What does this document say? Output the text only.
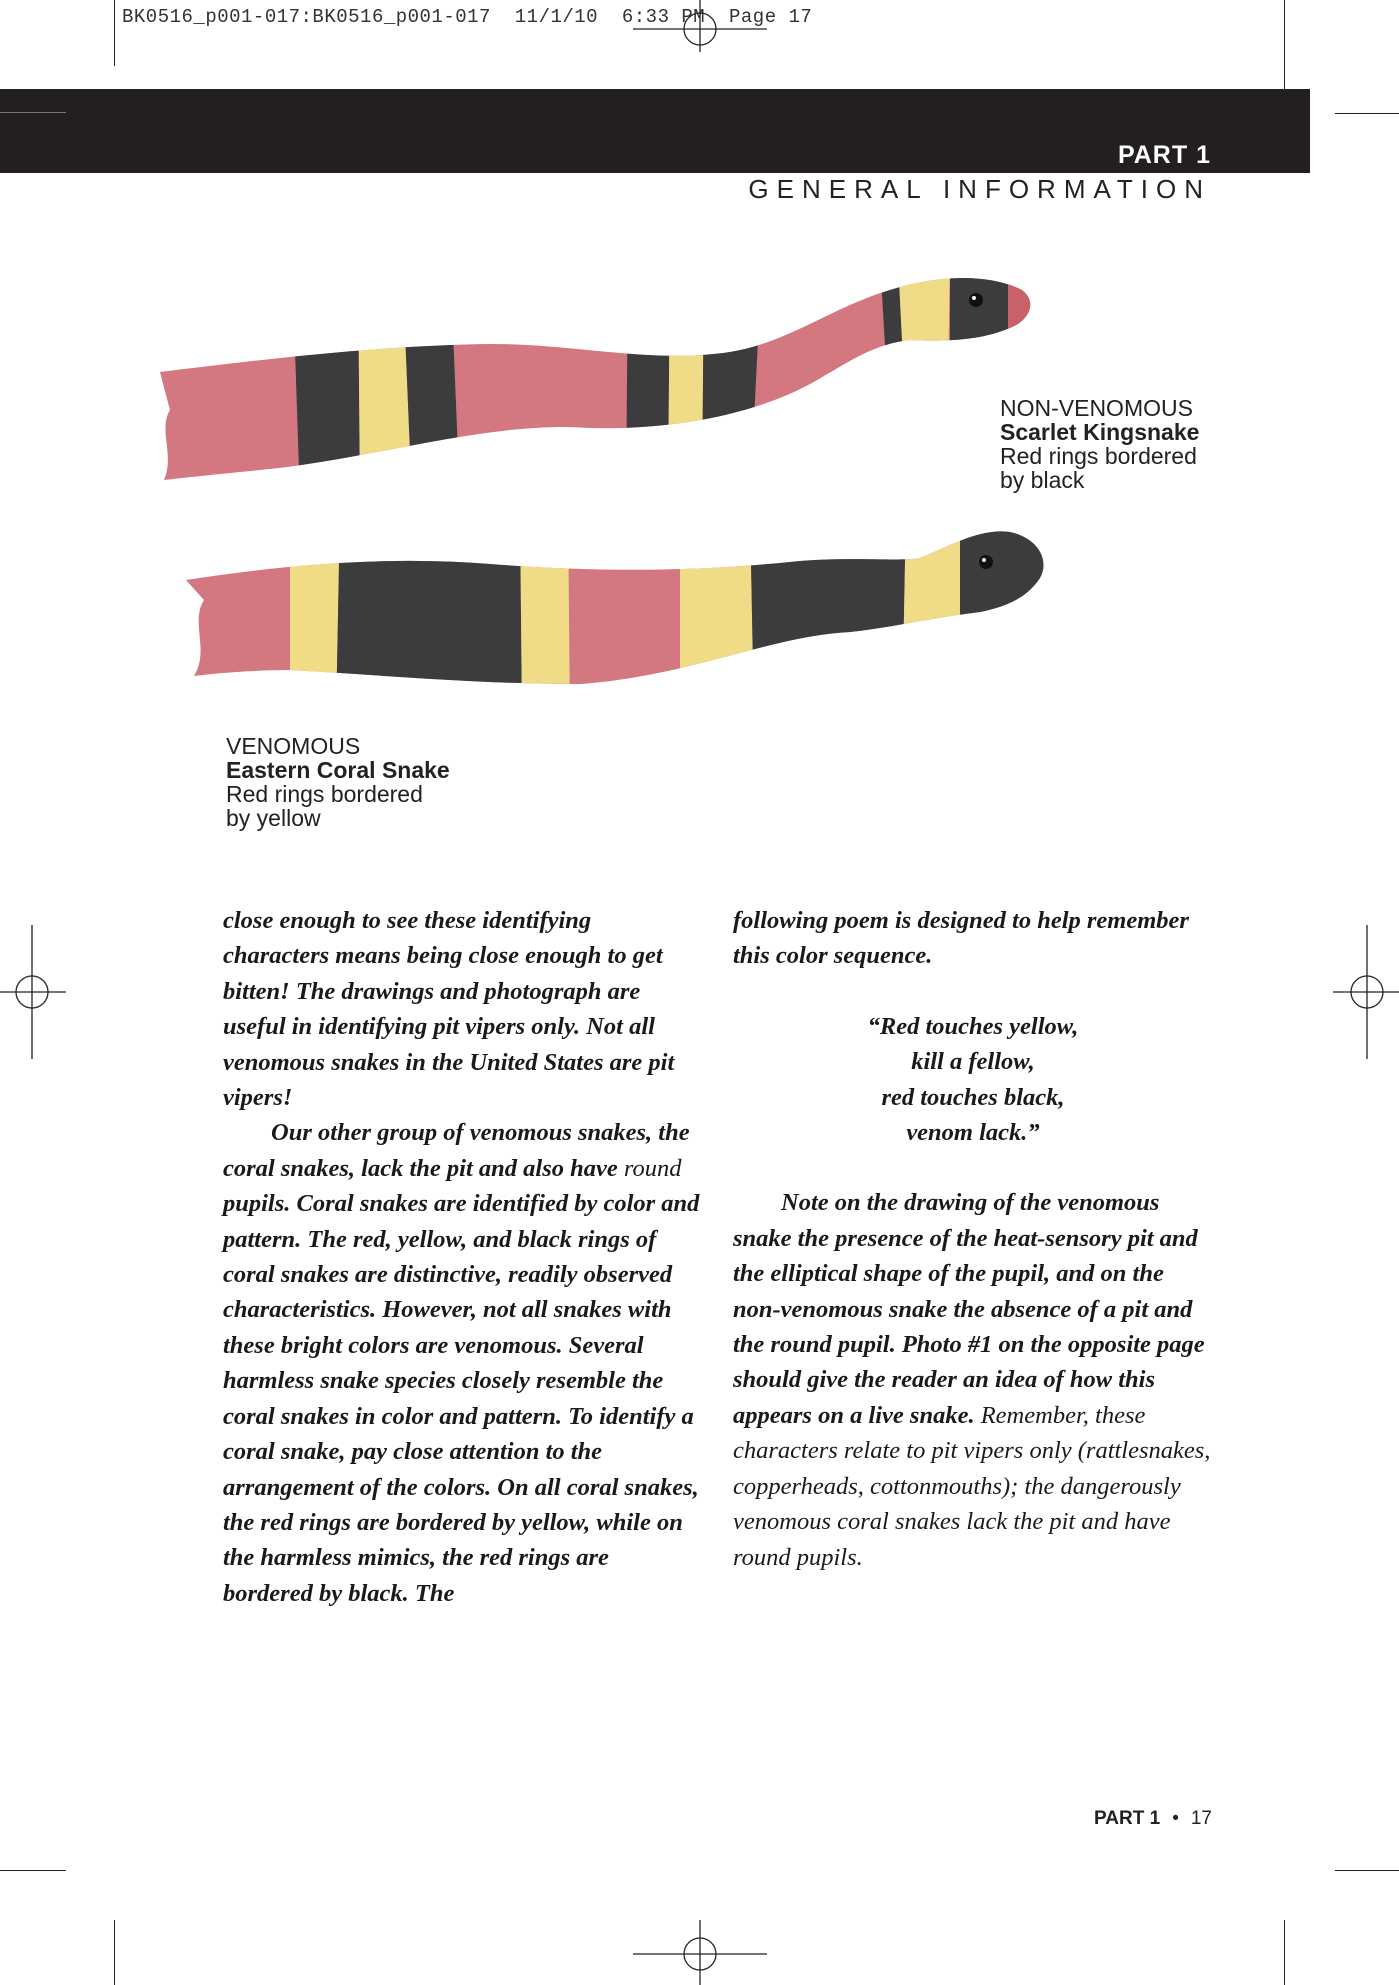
BK0516_p001-017:BK0516_p001-017  11/1/10  6:33 PM  Page 17
PART 1
GENERAL INFORMATION
NON-VENOMOUS
Scarlet Kingsnake
Red rings bordered
by black
VENOMOUS
Eastern Coral Snake
Red rings bordered
by yellow

close enough to see these identifying characters means being close enough to get bitten! The drawings and photograph are useful in identifying pit vipers only. Not all venomous snakes in the United States are pit vipers!

Our other group of venomous snakes, the coral snakes, lack the pit and also have round pupils. Coral snakes are identified by color and pattern. The red, yellow, and black rings of coral snakes are distinctive, readily observed characteristics. However, not all snakes with these bright colors are venomous. Several harmless snake species closely resemble the coral snakes in color and pattern. To identify a coral snake, pay close attention to the arrangement of the colors. On all coral snakes, the red rings are bordered by yellow, while on the harmless mimics, the red rings are bordered by black. The

following poem is designed to help remember this color sequence.

“Red touches yellow,

kill a fellow,

red touches black,

venom lack.”

Note on the drawing of the venomous snake the presence of the heat-sensory pit and the elliptical shape of the pupil, and on the non-venomous snake the absence of a pit and the round pupil. Photo #1 on the opposite page should give the reader an idea of how this appears on a live snake. Remember, these characters relate to pit vipers only (rattlesnakes, copperheads, cottonmouths); the dangerously venomous coral snakes lack the pit and have round pupils.

PART 1 • 17
